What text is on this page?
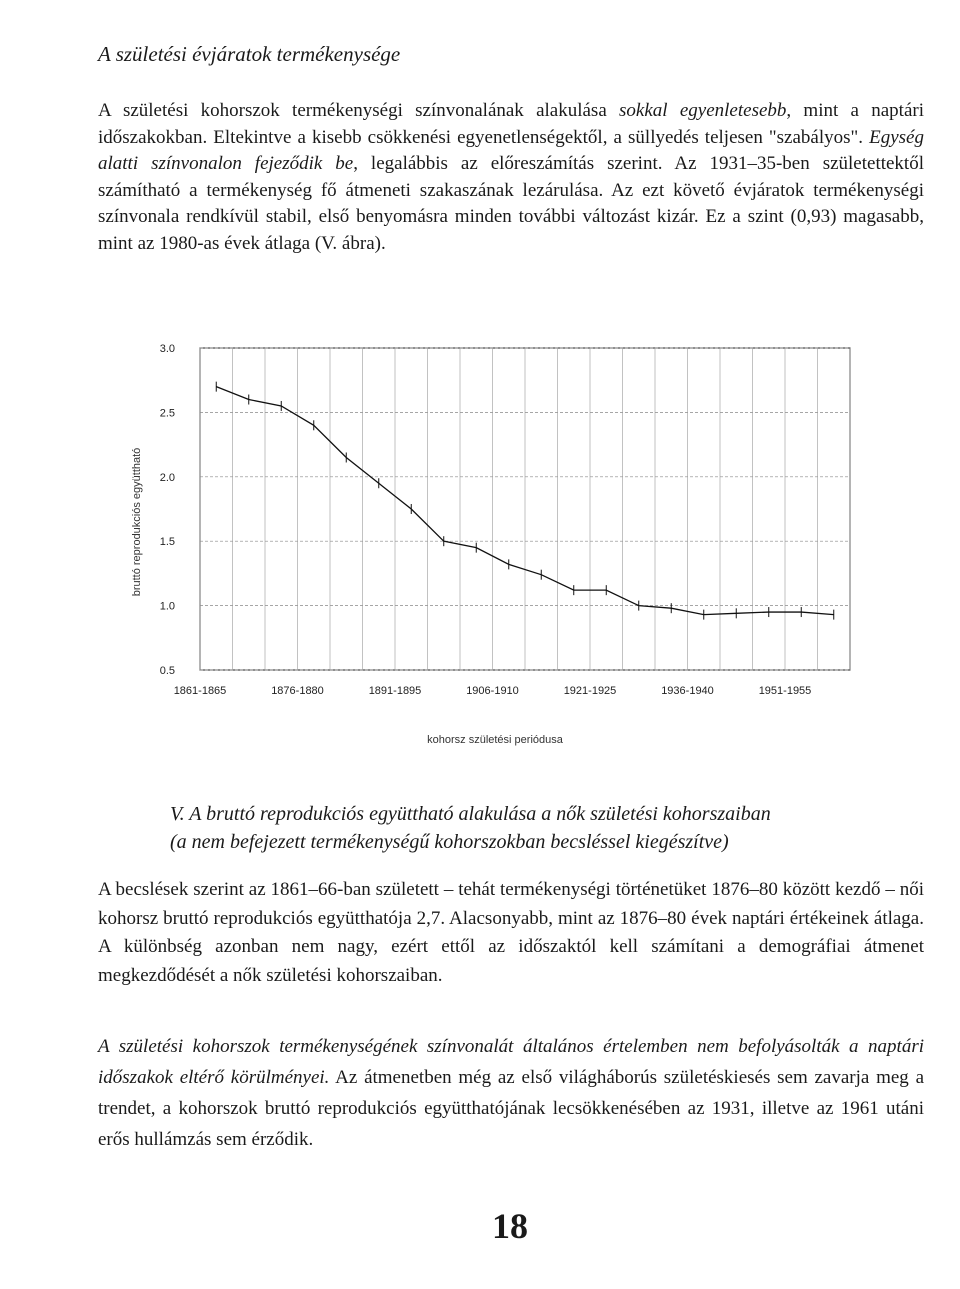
A születési évjáratok termékenysége

A születési kohorszok termékenységi színvonalának alakulása sokkal egyenletesebb, mint a naptári időszakokban. Eltekintve a kisebb csökkenési egyenetlenségektől, a süllyedés teljesen "szabályos". Egység alatti színvonalon fejeződik be, legalábbis az előreszámítás szerint. Az 1931–35-ben születettektől számítható a termékenység fő átmeneti szakaszának lezárulása. Az ezt követő évjáratok termékenységi színvonala rendkívül stabil, első benyomásra minden további változást kizár. Ez a szint (0,93) magasabb, mint az 1980-as évek átlaga (V. ábra).

3.0
2.5
2.0
1.5
1.0
0.5
1861-1865	1876-1880	1891-1895	1906-1910	1921-1925	1936-1940	1951-1955
bruttó reprodukciós együttható
kohorsz születési periódusa

V. A bruttó reprodukciós együttható alakulása a nők születési kohorszaiban
(a nem befejezett termékenységű kohorszokban becsléssel kiegészítve)

A becslések szerint az 1861–66-ban született – tehát termékenységi történetüket 1876–80 között kezdő – női kohorsz bruttó reprodukciós együtthatója 2,7. Alacsonyabb, mint az 1876–80 évek naptári értékeinek átlaga. A különbség azonban nem nagy, ezért ettől az időszaktól kell számítani a demográfiai átmenet megkezdődését a nők születési kohorszaiban.

A születési kohorszok termékenységének színvonalát általános értelemben nem befolyásolták a naptári időszakok eltérő körülményei. Az átmenetben még az első világháborús születéskiesés sem zavarja meg a trendet, a kohorszok bruttó reprodukciós együtthatójának lecsökkenésében az 1931, illetve az 1961 utáni erős hullámzás sem érződik.

18
